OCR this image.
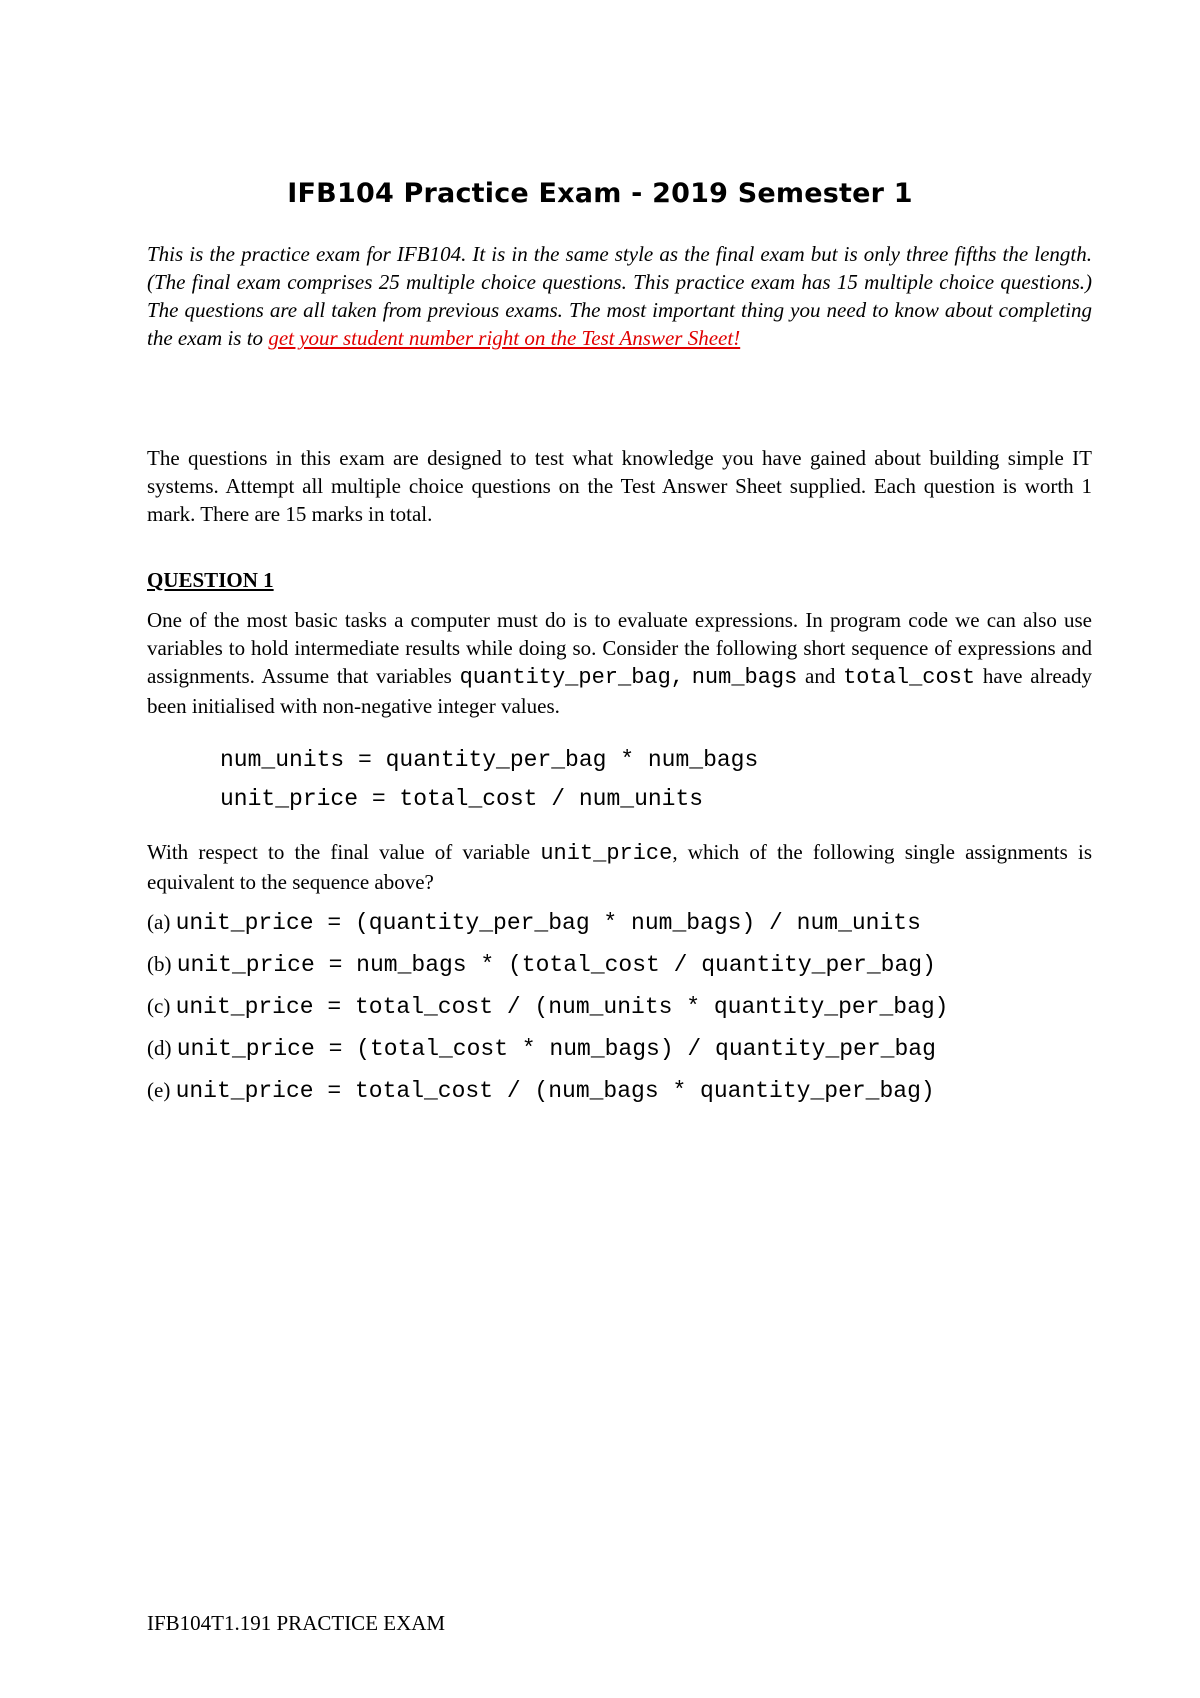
IFB104 Practice Exam - 2019 Semester 1
This is the practice exam for IFB104. It is in the same style as the final exam but is only three fifths the length. (The final exam comprises 25 multiple choice questions. This practice exam has 15 multiple choice questions.) The questions are all taken from previous exams. The most important thing you need to know about completing the exam is to get your student number right on the Test Answer Sheet!
The questions in this exam are designed to test what knowledge you have gained about building simple IT systems. Attempt all multiple choice questions on the Test Answer Sheet supplied. Each question is worth 1 mark. There are 15 marks in total.
QUESTION 1
One of the most basic tasks a computer must do is to evaluate expressions. In program code we can also use variables to hold intermediate results while doing so. Consider the following short sequence of expressions and assignments. Assume that variables quantity_per_bag, num_bags and total_cost have already been initialised with non-negative integer values.
num_units = quantity_per_bag * num_bags
unit_price = total_cost / num_units
With respect to the final value of variable unit_price, which of the following single assignments is equivalent to the sequence above?
(a) unit_price = (quantity_per_bag * num_bags) / num_units
(b) unit_price = num_bags * (total_cost / quantity_per_bag)
(c) unit_price = total_cost / (num_units * quantity_per_bag)
(d) unit_price = (total_cost * num_bags) / quantity_per_bag
(e) unit_price = total_cost / (num_bags * quantity_per_bag)
IFB104T1.191 PRACTICE EXAM
